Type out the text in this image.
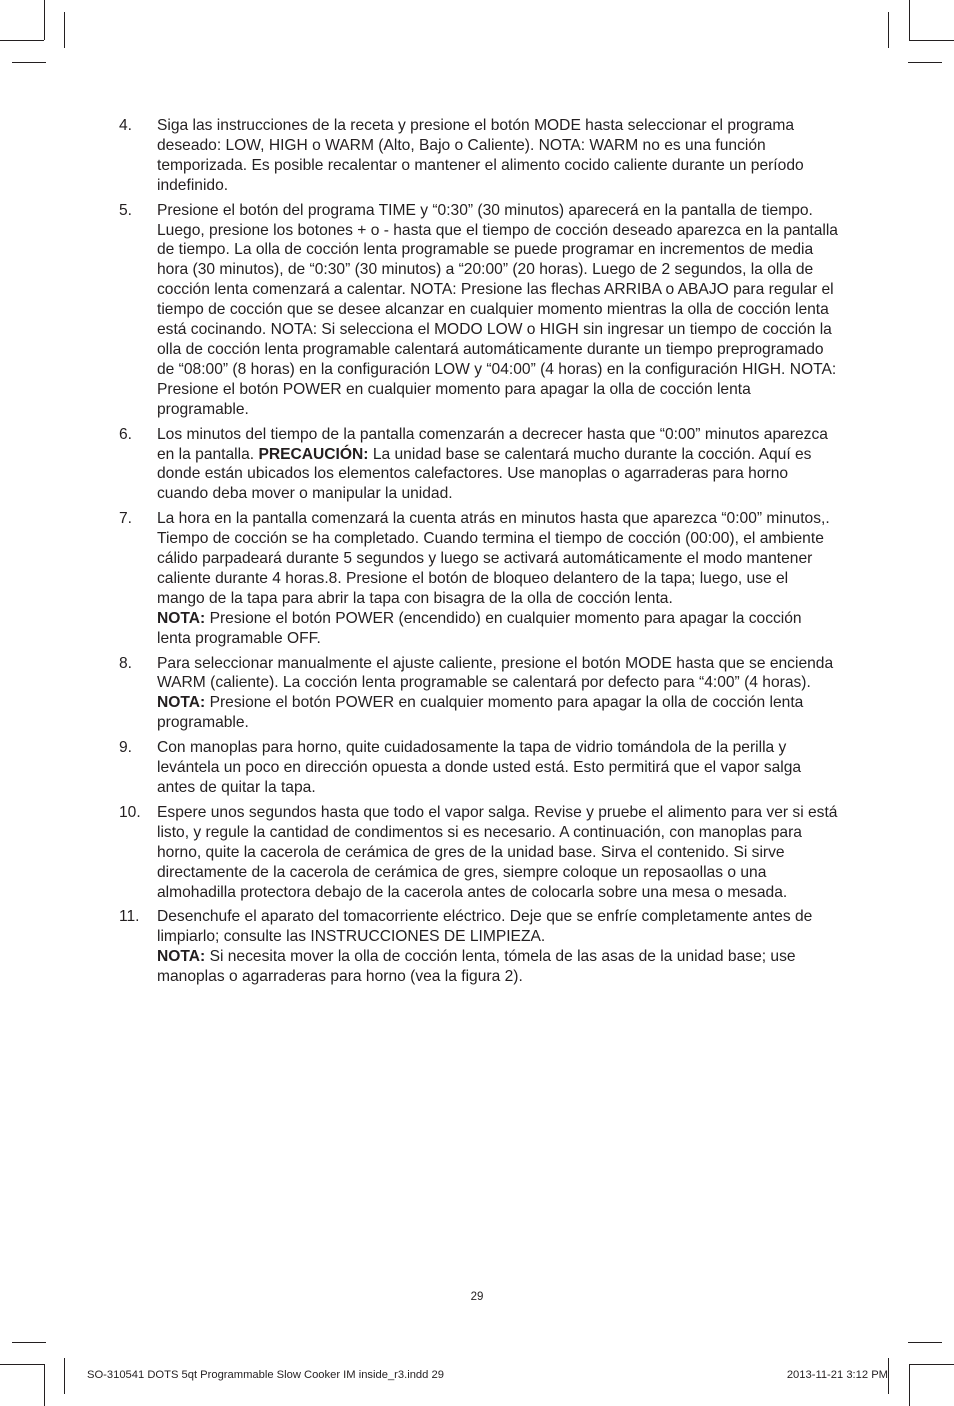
4. Siga las instrucciones de la receta y presione el botón MODE hasta seleccionar el programa deseado: LOW, HIGH o WARM (Alto, Bajo o Caliente). NOTA: WARM no es una función temporizada. Es posible recalentar o mantener el alimento cocido caliente durante un período indefinido.
5. Presione el botón del programa TIME y “0:30” (30 minutos) aparecerá en la pantalla de tiempo. Luego, presione los botones + o - hasta que el tiempo de cocción deseado aparezca en la pantalla de tiempo. La olla de cocción lenta programable se puede programar en incrementos de media hora (30 minutos), de “0:30” (30 minutos) a “20:00” (20 horas). Luego de 2 segundos, la olla de cocción lenta comenzará a calentar. NOTA: Presione las flechas ARRIBA o ABAJO para regular el tiempo de cocción que se desee alcanzar en cualquier momento mientras la olla de cocción lenta está cocinando. NOTA: Si selecciona el MODO LOW o HIGH sin ingresar un tiempo de cocción la olla de cocción lenta programable calentará automáticamente durante un tiempo preprogramado de “08:00” (8 horas) en la configuración LOW y “04:00” (4 horas) en la configuración HIGH. NOTA: Presione el botón POWER en cualquier momento para apagar la olla de cocción lenta programable.
6. Los minutos del tiempo de la pantalla comenzarán a decrecer hasta que “0:00” minutos aparezca en la pantalla. PRECAUCIÓN: La unidad base se calentará mucho durante la cocción. Aquí es donde están ubicados los elementos calefactores. Use manoplas o agarraderas para horno cuando deba mover o manipular la unidad.
7. La hora en la pantalla comenzará la cuenta atrás en minutos hasta que aparezca “0:00” minutos,. Tiempo de cocción se ha completado. Cuando termina el tiempo de cocción (00:00), el ambiente cálido parpadeará durante 5 segundos y luego se activará automáticamente el modo mantener caliente durante 4 horas.8. Presione el botón de bloqueo delantero de la tapa; luego, use el mango de la tapa para abrir la tapa con bisagra de la olla de cocción lenta.
NOTA: Presione el botón POWER (encendido) en cualquier momento para apagar la cocción lenta programable OFF.
8. Para seleccionar manualmente el ajuste caliente, presione el botón MODE hasta que se encienda WARM (caliente). La cocción lenta programable se calentará por defecto para “4:00” (4 horas).
NOTA: Presione el botón POWER en cualquier momento para apagar la olla de cocción lenta programable.
9. Con manoplas para horno, quite cuidadosamente la tapa de vidrio tomándola de la perilla y levántela un poco en dirección opuesta a donde usted está. Esto permitirá que el vapor salga antes de quitar la tapa.
10. Espere unos segundos hasta que todo el vapor salga. Revise y pruebe el alimento para ver si está listo, y regule la cantidad de condimentos si es necesario. A continuación, con manoplas para horno, quite la cacerola de cerámica de gres de la unidad base. Sirva el contenido. Si sirve directamente de la cacerola de cerámica de gres, siempre coloque un reposaollas o una almohadilla protectora debajo de la cacerola antes de colocarla sobre una mesa o mesada.
11. Desenchufe el aparato del tomacorriente eléctrico. Deje que se enfríe completamente antes de limpiarlo; consulte las INSTRUCCIONES DE LIMPIEZA.
NOTA: Si necesita mover la olla de cocción lenta, tómela de las asas de la unidad base; use manoplas o agarraderas para horno (vea la figura 2).
29
SO-310541 DOTS 5qt Programmable Slow Cooker IM inside_r3.indd 29	2013-11-21 3:12 PM
